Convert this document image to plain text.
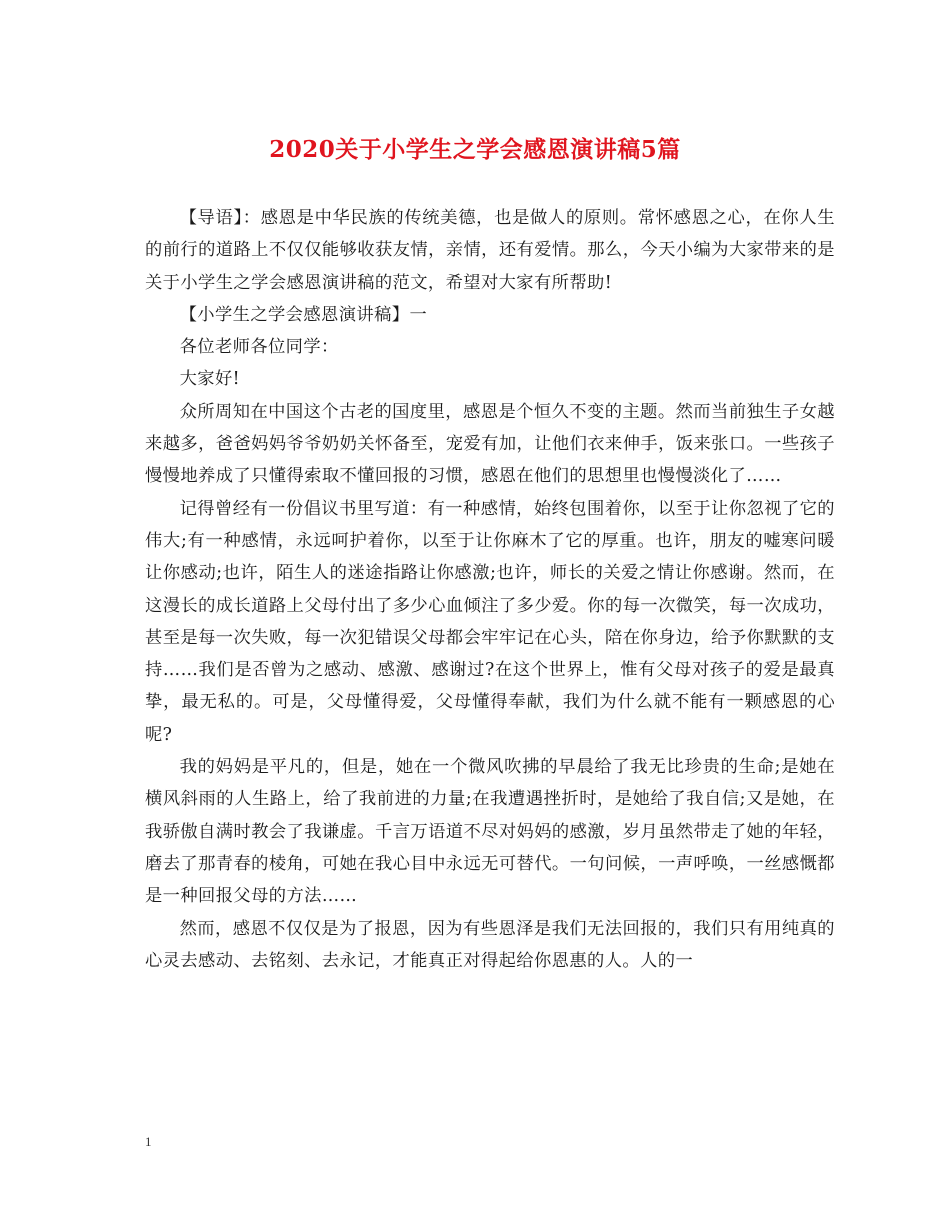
2020关于小学生之学会感恩演讲稿5篇

【导语】：感恩是中华民族的传统美德，也是做人的原则。常怀感恩之心，在你人生的前行的道路上不仅仅能够收获友情，亲情，还有爱情。那么，今天小编为大家带来的是关于小学生之学会感恩演讲稿的范文，希望对大家有所帮助!

【小学生之学会感恩演讲稿】一

各位老师各位同学：

大家好!

众所周知在中国这个古老的国度里，感恩是个恒久不变的主题。然而当前独生子女越来越多，爸爸妈妈爷爷奶奶关怀备至，宠爱有加，让他们衣来伸手，饭来张口。一些孩子慢慢地养成了只懂得索取不懂回报的习惯，感恩在他们的思想里也慢慢淡化了……

记得曾经有一份倡议书里写道：有一种感情，始终包围着你，以至于让你忽视了它的伟大;有一种感情，永远呵护着你，以至于让你麻木了它的厚重。也许，朋友的嘘寒问暖让你感动;也许，陌生人的迷途指路让你感激;也许，师长的关爱之情让你感谢。然而，在这漫长的成长道路上父母付出了多少心血倾注了多少爱。你的每一次微笑，每一次成功，甚至是每一次失败，每一次犯错误父母都会牢牢记在心头，陪在你身边，给予你默默的支持……我们是否曾为之感动、感激、感谢过?在这个世界上，惟有父母对孩子的爱是最真挚，最无私的。可是，父母懂得爱，父母懂得奉献，我们为什么就不能有一颗感恩的心呢?

我的妈妈是平凡的，但是，她在一个微风吹拂的早晨给了我无比珍贵的生命;是她在横风斜雨的人生路上，给了我前进的力量;在我遭遇挫折时，是她给了我自信;又是她，在我骄傲自满时教会了我谦虚。千言万语道不尽对妈妈的感激，岁月虽然带走了她的年轻，磨去了那青春的棱角，可她在我心目中永远无可替代。一句问候，一声呼唤，一丝感慨都是一种回报父母的方法……

然而，感恩不仅仅是为了报恩，因为有些恩泽是我们无法回报的，我们只有用纯真的心灵去感动、去铭刻、去永记，才能真正对得起给你恩惠的人。人的一

1
